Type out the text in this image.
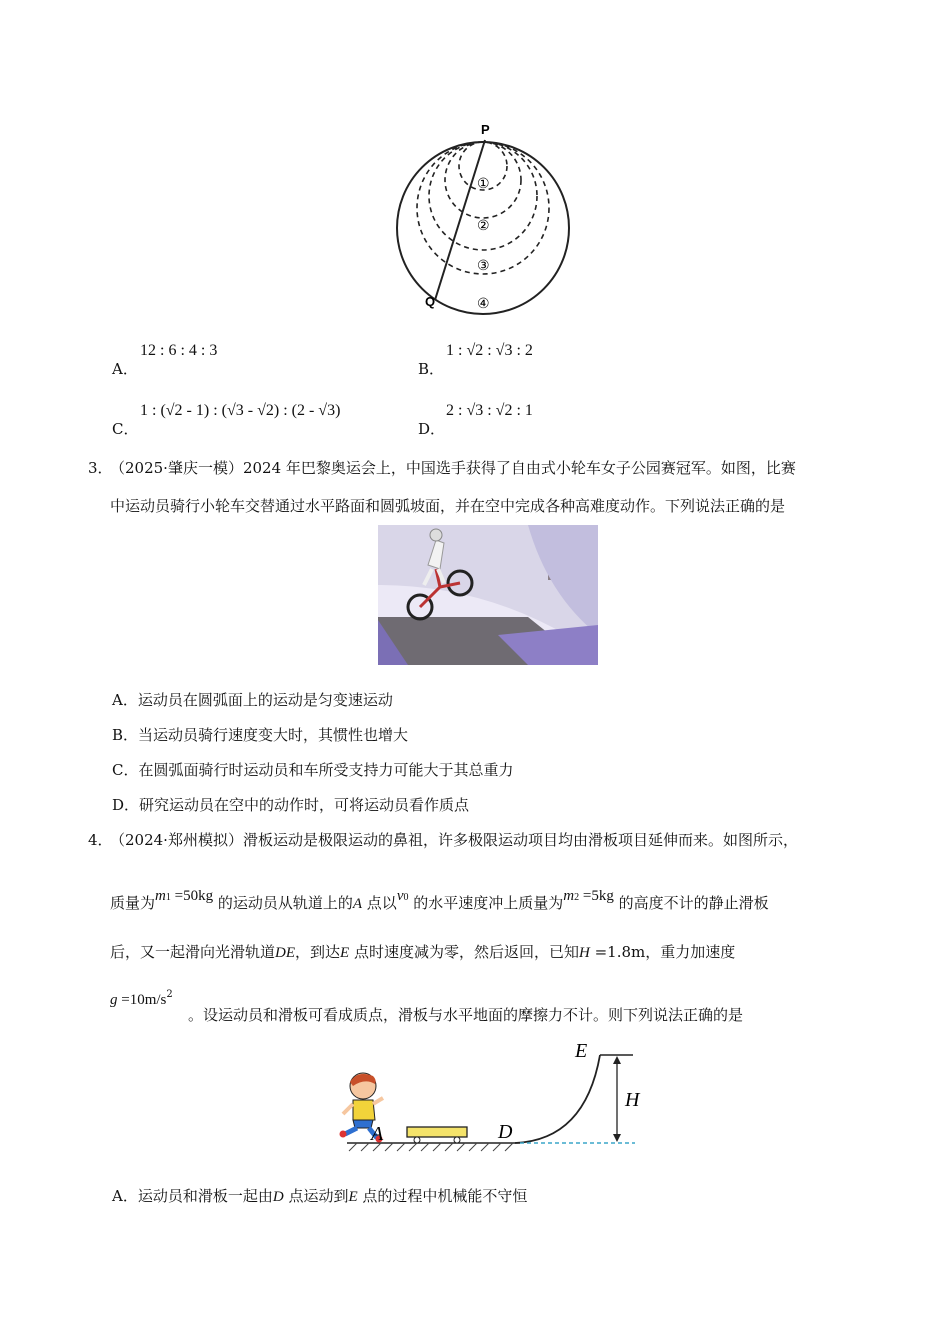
P
Q
①
②
③
④
A．
12 : 6 : 4 : 3
B．
1 : √2 : √3 : 2
C．
1 : (√2 - 1) : (√3 - √2) : (2 - √3)
D．
2 : √3 : √2 : 1
3．
（2025·肇庆一模）2024 年巴黎奥运会上，中国选手获得了自由式小轮车女子公园赛冠军。如图，比赛
中运动员骑行小轮车交替通过水平路面和圆弧坡面，并在空中完成各种高难度动作。下列说法正确的是
A．运动员在圆弧面上的运动是匀变速运动
B．当运动员骑行速度变大时，其惯性也增大
C．在圆弧面骑行时运动员和车所受支持力可能大于其总重力
D．研究运动员在空中的动作时，可将运动员看作质点
4．
（2024·郑州模拟）滑板运动是极限运动的鼻祖，许多极限运动项目均由滑板项目延伸而来。如图所示，
质量为m1 =50kg 的运动员从轨道上的A 点以v0 的水平速度冲上质量为m2 =5kg 的高度不计的静止滑板
后，又一起滑向光滑轨道DE，到达E 点时速度减为零，然后返回，已知H =1.8m，重力加速度
$g =10m/s^2$
。设运动员和滑板可看成质点，滑板与水平地面的摩擦力不计。则下列说法正确的是
A	D
E
H
A．运动员和滑板一起由D 点运动到E 点的过程中机械能不守恒
